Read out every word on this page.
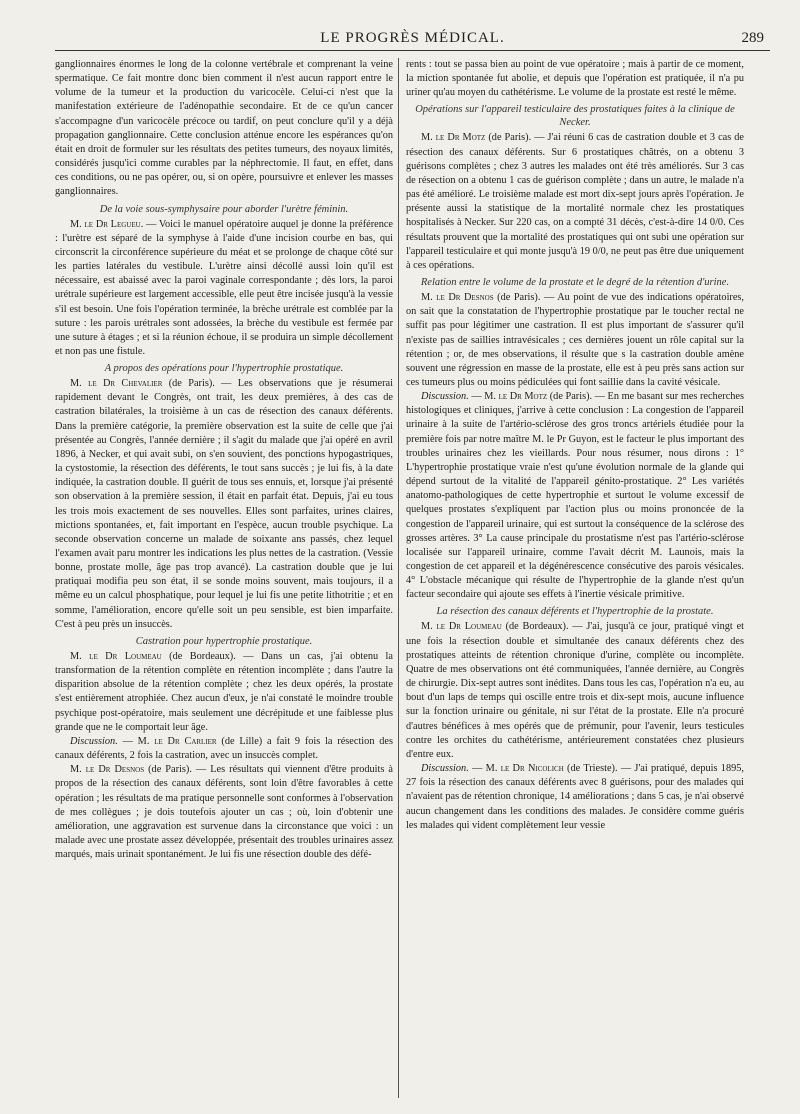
LE PROGRÈS MÉDICAL.	289

ganglionnaires énormes le long de la colonne vertébrale et comprenant la veine spermatique. Ce fait montre donc bien comment il n'est aucun rapport entre le volume de la tumeur et la production du varicocèle. Celui-ci n'est que la manifestation extérieure de l'adénopathie secondaire. Et de ce qu'un cancer s'accompagne d'un varicocèle précoce ou tardif, on peut conclure qu'il y a déjà propagation ganglionnaire. Cette conclusion atténue encore les espérances qu'on était en droit de formuler sur les résultats des petites tumeurs, des noyaux limités, considérés jusqu'ici comme curables par la néphrectomie. Il faut, en effet, dans ces conditions, ou ne pas opérer, ou, si on opère, poursuivre et enlever les masses ganglionnaires.

De la voie sous-symphysaire pour aborder l'urètre féminin.

M. le Dr Legueu. — Voici le manuel opératoire auquel je donne la préférence : l'urètre est séparé de la symphyse à l'aide d'une incision courbe en bas, qui circonscrit la circonférence supérieure du méat et se prolonge de chaque côté sur les parties latérales du vestibule. L'urètre ainsi décollé aussi loin qu'il est nécessaire, est abaissé avec la paroi vaginale correspondante ; dès lors, la paroi urétrale supérieure est largement accessible, elle peut être incisée jusqu'à la vessie s'il est besoin. Une fois l'opération terminée, la brèche urétrale est comblée par la suture : les parois urétrales sont adossées, la brèche du vestibule est fermée par une suture à étages ; et si la réunion échoue, il se produira un simple décollement et non pas une fistule.

A propos des opérations pour l'hypertrophie prostatique.

M. le Dr Chevalier (de Paris). — Les observations que je résumerai rapidement devant le Congrès, ont trait, les deux premières, à des cas de castration bilatérales, la troisième à un cas de résection des canaux déférents. Dans la première catégorie, la première observation est la suite de celle que j'ai présentée au Congrès, l'année dernière ; il s'agit du malade que j'ai opéré en avril 1896, à Necker, et qui avait subi, on s'en souvient, des ponctions hypogastriques, la cystostomie, la résection des déférents, le tout sans succès ; je lui fis, à la date indiquée, la castration double. Il guérit de tous ses ennuis, et, lorsque j'ai présenté son observation à la première session, il était en parfait état. Depuis, j'ai eu tous les trois mois exactement de ses nouvelles. Elles sont parfaites, urines claires, mictions spontanées, et, fait important en l'espèce, aucun trouble psychique. La seconde observation concerne un malade de soixante ans passés, chez lequel l'examen avait paru montrer les indications les plus nettes de la castration. (Vessie bonne, prostate molle, âge pas trop avancé). La castration double que je lui pratiquai modifia peu son état, il se sonde moins souvent, mais toujours, il a même eu un calcul phosphatique, pour lequel je lui fis une petite lithotritie ; et en somme, l'amélioration, encore qu'elle soit un peu sensible, est bien imparfaite. C'est à peu près un insuccès.

Castration pour hypertrophie prostatique.

M. le Dr Loumeau (de Bordeaux). — Dans un cas, j'ai obtenu la transformation de la rétention complète en rétention incomplète ; dans l'autre la disparition absolue de la rétention complète ; chez les deux opérés, la prostate s'est entièrement atrophiée. Chez aucun d'eux, je n'ai constaté le moindre trouble psychique post-opératoire, mais seulement une décrépitude et une faiblesse plus grande que ne le comportait leur âge.

Discussion. — M. le Dr Carlier (de Lille) a fait 9 fois la résection des canaux déférents, 2 fois la castration, avec un insuccès complet.

M. le Dr Desnos (de Paris). — Les résultats qui viennent d'être produits à propos de la résection des canaux déférents, sont loin d'être favorables à cette opération ; les résultats de ma pratique personnelle sont conformes à l'observation de mes collègues ; je dois toutefois ajouter un cas ; où, loin d'obtenir une amélioration, une aggravation est survenue dans la circonstance que voici : un malade avec une prostate assez développée, présentait des troubles urinaires assez marqués, mais urinait spontanément. Je lui fis une résection double des défé-

rents : tout se passa bien au point de vue opératoire ; mais à partir de ce moment, la miction spontanée fut abolie, et depuis que l'opération est pratiquée, il n'a pu uriner qu'au moyen du cathétérisme. Le volume de la prostate est resté le même.

Opérations sur l'appareil testiculaire des prostatiques faites à la clinique de Necker.

M. le Dr Motz (de Paris). — J'ai réuni 6 cas de castration double et 3 cas de résection des canaux déférents. Sur 6 prostatiques châtrés, on a obtenu 3 guérisons complètes ; chez 3 autres les malades ont été très améliorés. Sur 3 cas de résection on a obtenu 1 cas de guérison complète ; dans un autre, le malade n'a pas été amélioré. Le troisième malade est mort dix-sept jours après l'opération. Je présente aussi la statistique de la mortalité normale chez les prostatiques hospitalisés à Necker. Sur 220 cas, on a compté 31 décès, c'est-à-dire 14 0/0. Ces résultats prouvent que la mortalité des prostatiques qui ont subi une opération sur l'appareil testiculaire et qui monte jusqu'à 19 0/0, ne peut pas être due uniquement à ces opérations.

Relation entre le volume de la prostate et le degré de la rétention d'urine.

M. le Dr Desnos (de Paris). — Au point de vue des indications opératoires, on sait que la constatation de l'hypertrophie prostatique par le toucher rectal ne suffit pas pour légitimer une castration. Il est plus important de s'assurer qu'il n'existe pas de saillies intravésicales ; ces dernières jouent un rôle capital sur la rétention ; or, de mes observations, il résulte que s la castration double amène souvent une régression en masse de la prostate, elle est à peu près sans action sur ces tumeurs plus ou moins pédiculées qui font saillie dans la cavité vésicale.

Discussion. — M. le Dr Motz (de Paris). — En me basant sur mes recherches histologiques et cliniques, j'arrive à cette conclusion : La congestion de l'appareil urinaire à la suite de l'artério-sclérose des gros troncs artériels étudiée pour la première fois par notre maître M. le Pr Guyon, est le facteur le plus important des troubles urinaires chez les vieillards. Pour nous résumer, nous dirons : 1° L'hypertrophie prostatique vraie n'est qu'une évolution normale de la glande qui dépend surtout de la vitalité de l'appareil génito-prostatique. 2° Les variétés anatomo-pathologiques de cette hypertrophie et surtout le volume excessif de quelques prostates s'expliquent par l'action plus ou moins prononcée de la congestion de l'appareil urinaire, qui est surtout la conséquence de la sclérose des grosses artères. 3° La cause principale du prostatisme n'est pas l'artério-sclérose localisée sur l'appareil urinaire, comme l'avait décrit M. Launois, mais la congestion de cet appareil et la dégénérescence consécutive des parois vésicales. 4° L'obstacle mécanique qui résulte de l'hypertrophie de la glande n'est qu'un facteur secondaire qui ajoute ses effets à l'inertie vésicale primitive.

La résection des canaux déférents et l'hypertrophie de la prostate.

M. le Dr Loumeau (de Bordeaux). — J'ai, jusqu'à ce jour, pratiqué vingt et une fois la résection double et simultanée des canaux déférents chez des prostatiques atteints de rétention chronique d'urine, complète ou incomplète. Quatre de mes observations ont été communiquées, l'année dernière, au Congrès de chirurgie. Dix-sept autres sont inédites. Dans tous les cas, l'opération n'a eu, au bout d'un laps de temps qui oscille entre trois et dix-sept mois, aucune influence sur la fonction urinaire ou génitale, ni sur l'état de la prostate. Elle n'a procuré d'autres bénéfices à mes opérés que de prémunir, pour l'avenir, leurs testicules contre les orchites du cathétérisme, antérieurement constatées chez plusieurs d'entre eux.

Discussion. — M. le Dr Nicolich (de Trieste). — J'ai pratiqué, depuis 1895, 27 fois la résection des canaux déférents avec 8 guérisons, pour des malades qui n'avaient pas de rétention chronique, 14 améliorations ; dans 5 cas, je n'ai observé aucun changement dans les conditions des malades. Je considère comme guéris les malades qui vident complètement leur vessie
